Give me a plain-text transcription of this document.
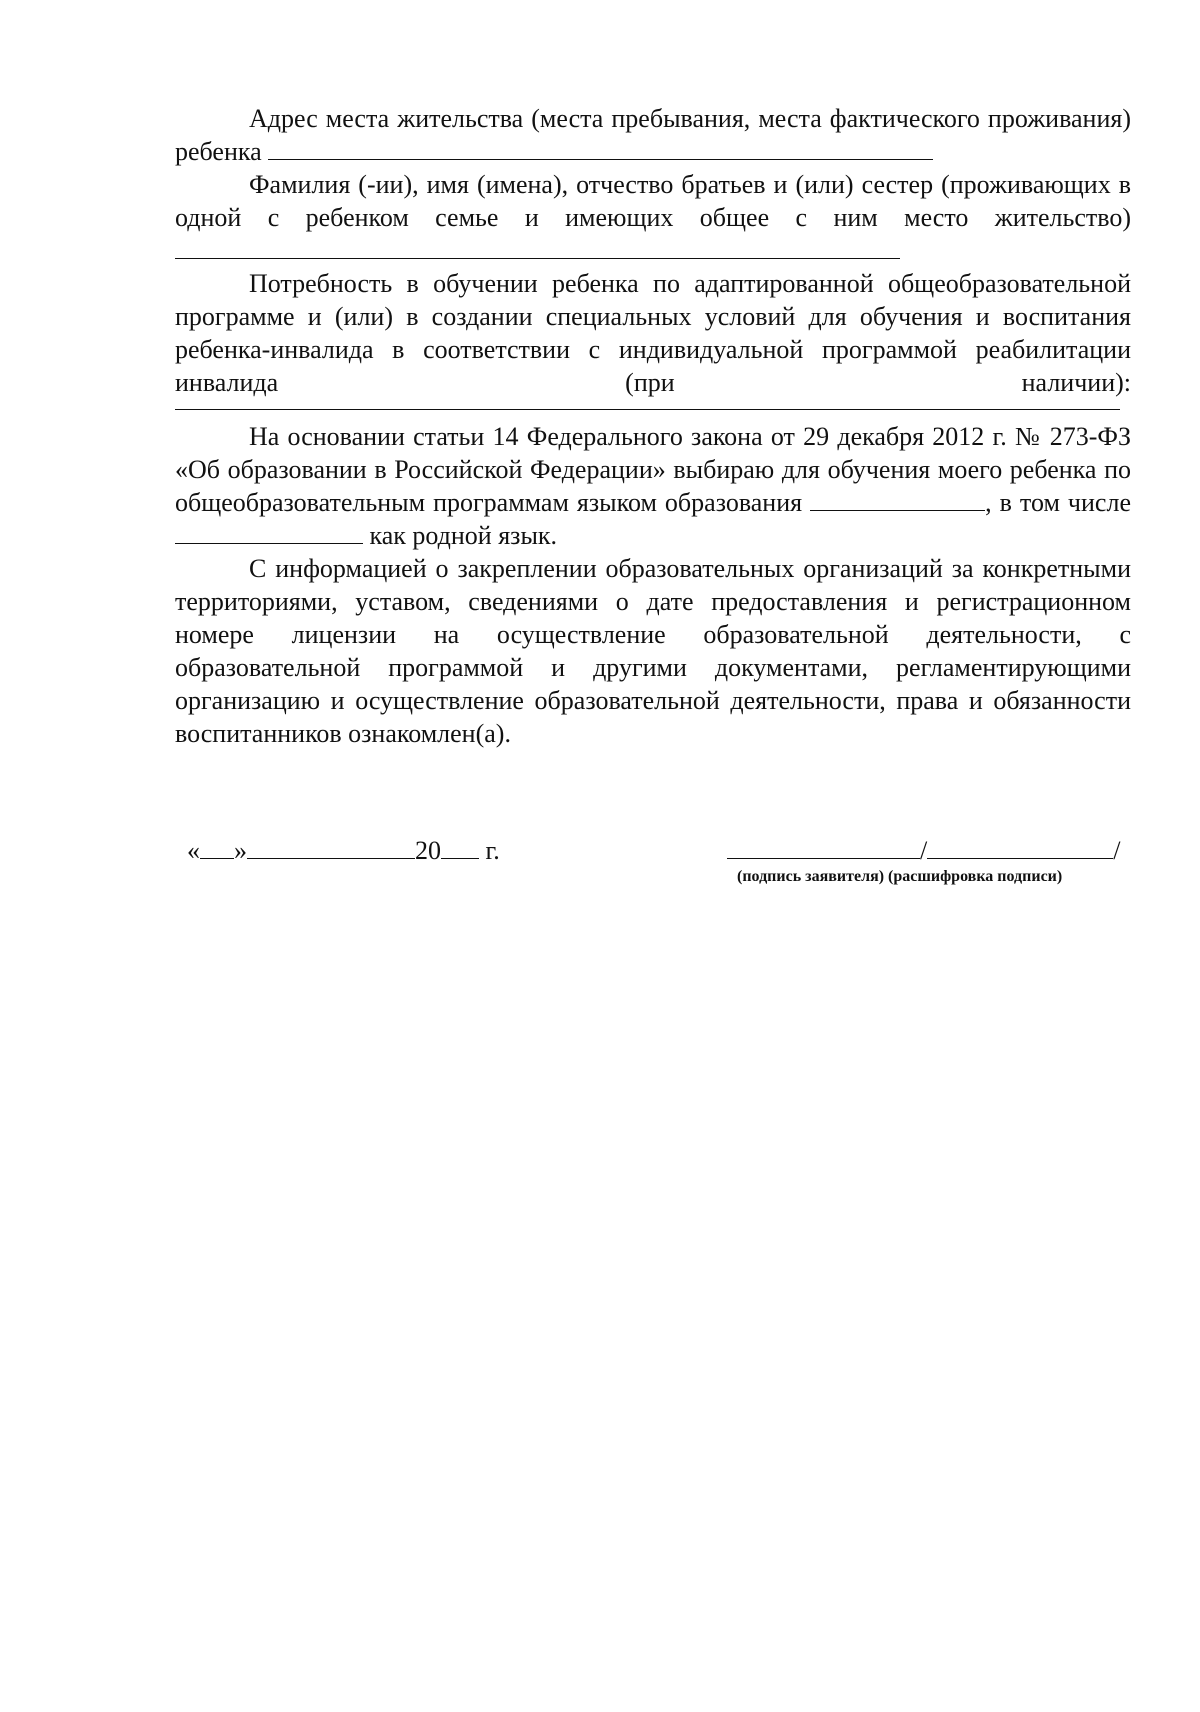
Адрес места жительства (места пребывания, места фактического проживания) ребенка

Фамилия (-ии), имя (имена), отчество братьев и (или) сестер (проживающих в одной с ребенком семье и имеющих общее с ним место жительство)

Потребность в обучении ребенка по адаптированной общеобразовательной программе и (или) в создании специальных условий для обучения и воспитания ребенка-инвалида в соответствии с индивидуальной программой реабилитации инвалида (при наличии):

На основании статьи 14 Федерального закона от 29 декабря 2012 г. № 273-ФЗ «Об образовании в Российской Федерации» выбираю для обучения моего ребенка по общеобразовательным программам языком образования	, в том числе  как родной язык.

С информацией о закреплении образовательных организаций за конкретными территориями, уставом, сведениями о дате предоставления и регистрационном номере лицензии на осуществление образовательной деятельности, с образовательной программой и другими документами, регламентирующими организацию и осуществление образовательной деятельности, права и обязанности воспитанников ознакомлен(а).

« »	20 г.	/	/
(подпись заявителя) (расшифровка подписи)
